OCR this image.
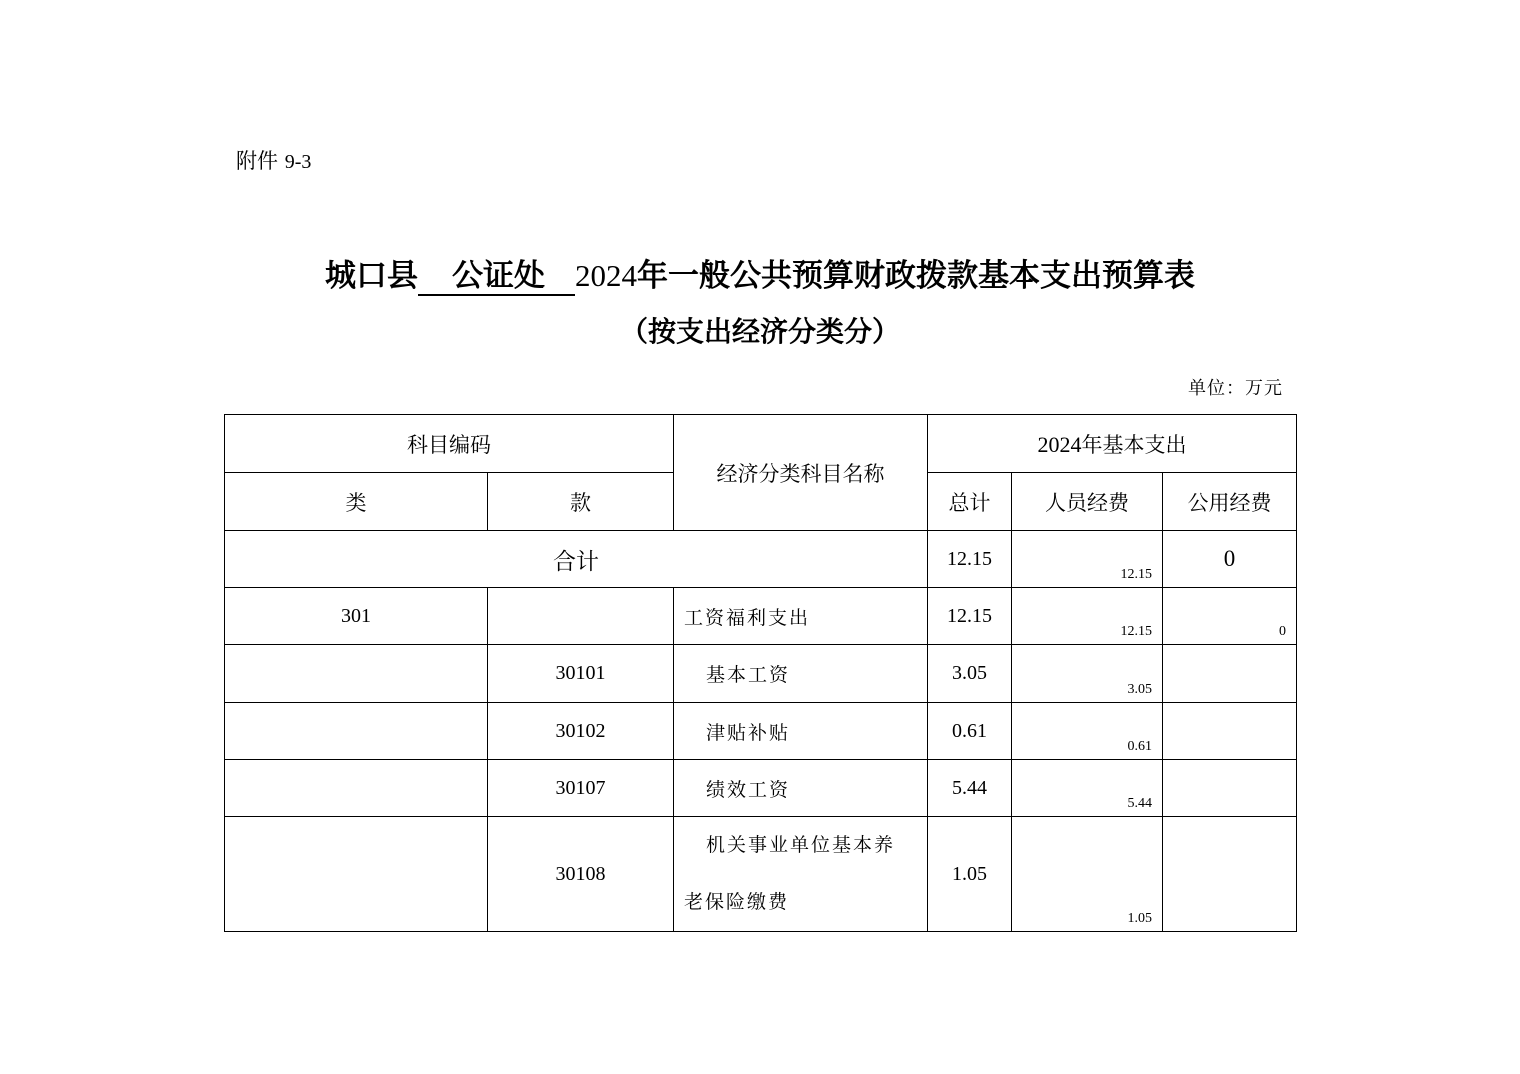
附件 9-3
城口县 公证处 2024年一般公共预算财政拨款基本支出预算表
（按支出经济分类分）
单位：万元
科目编码		经济分类科目名称	2024年基本支出		
类	款		总计	人员经费	公用经费
合计			12.15	12.15	0
301		工资福利支出	12.15	12.15	0
	30101	基本工资	3.05	3.05	
	30102	津贴补贴	0.61	0.61	
	30107	绩效工资	5.44	5.44	
	30108	机关事业单位基本养
老保险缴费	1.05	1.05	
